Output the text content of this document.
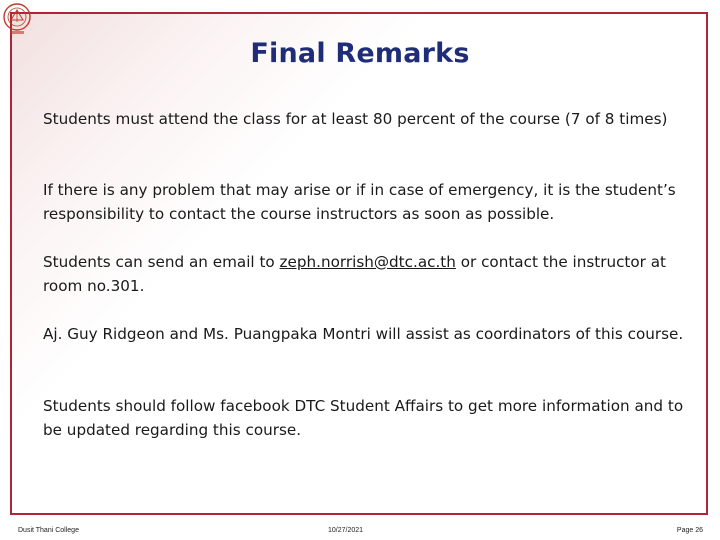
Final Remarks

Students must attend the class for at least 80 percent of the course (7 of 8 times)

If there is any problem that may arise or if in case of emergency, it is the student’s responsibility to contact the course instructors as soon as possible.

Students can send an email to zeph.norrish@dtc.ac.th or contact the instructor at room no.301.

Aj. Guy Ridgeon and Ms. Puangpaka Montri will assist as coordinators of this course.

Students should follow facebook DTC Student Affairs to get more information and to be updated regarding this course.

Dusit Thani College	10/27/2021	Page 26
